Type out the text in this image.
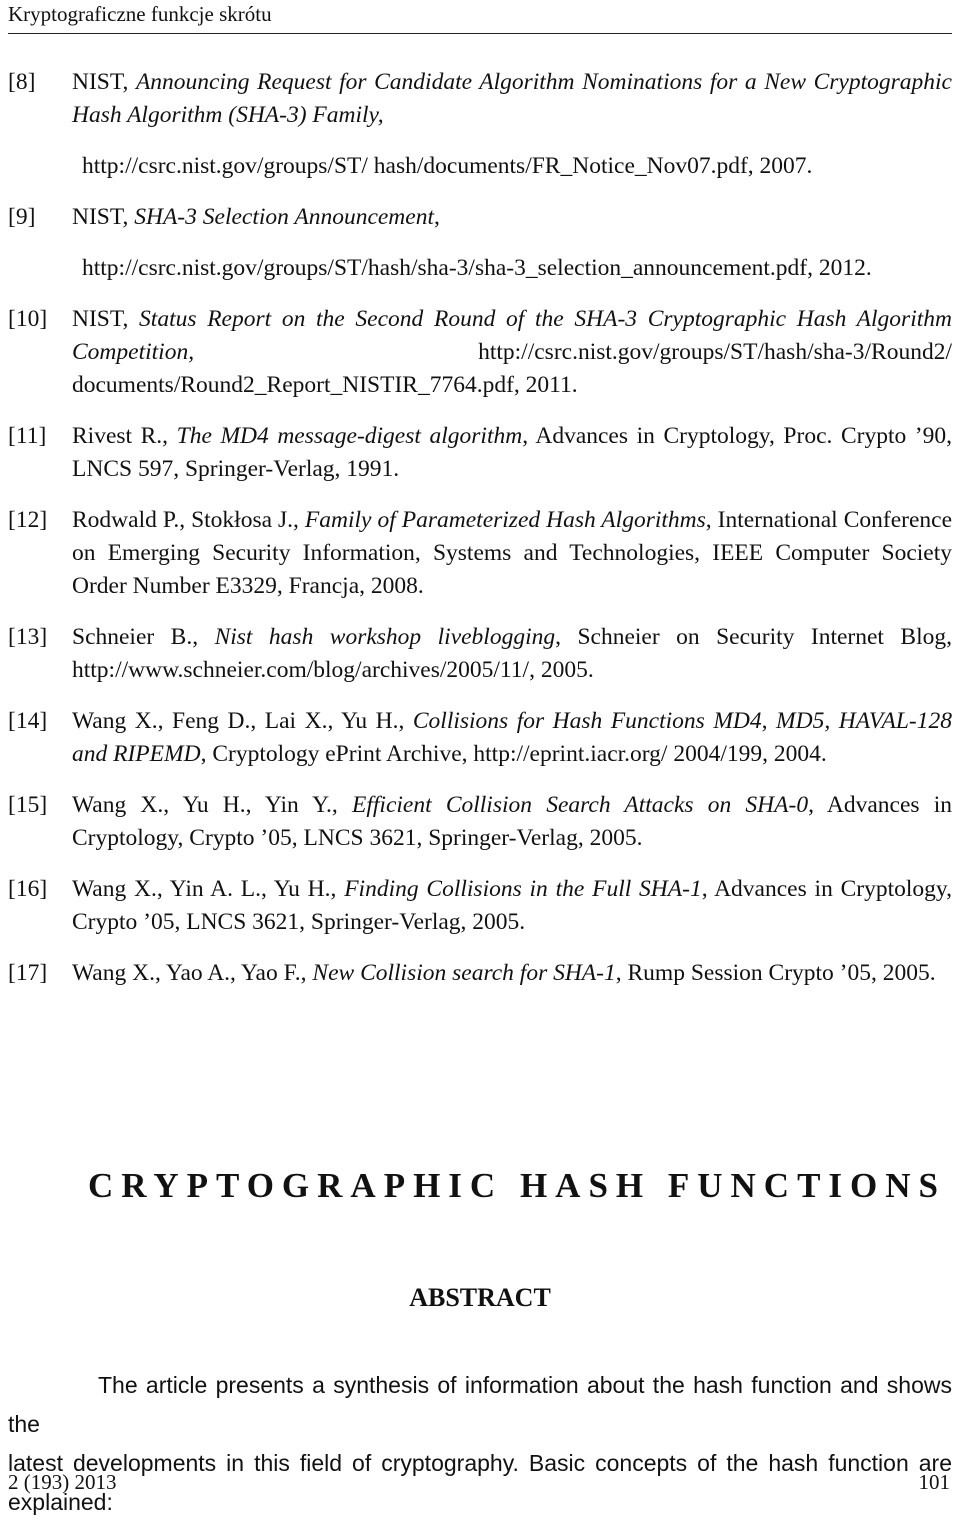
Kryptograficzne funkcje skrótu
[8]	NIST, Announcing Request for Candidate Algorithm Nominations for a New Cryptographic Hash Algorithm (SHA-3) Family,
http://csrc.nist.gov/groups/ST/ hash/documents/FR_Notice_Nov07.pdf, 2007.
[9]	NIST, SHA-3 Selection Announcement,
http://csrc.nist.gov/groups/ST/hash/sha-3/sha-3_selection_announcement.pdf, 2012.
[10]	NIST, Status Report on the Second Round of the SHA-3 Cryptographic Hash Algorithm Competition, http://csrc.nist.gov/groups/ST/hash/sha-3/Round2/ documents/Round2_Report_NISTIR_7764.pdf, 2011.
[11]	Rivest R., The MD4 message-digest algorithm, Advances in Cryptology, Proc. Crypto ’90, LNCS 597, Springer-Verlag, 1991.
[12]	Rodwald P., Stokłosa J., Family of Parameterized Hash Algorithms, International Conference on Emerging Security Information, Systems and Technologies, IEEE Computer Society Order Number E3329, Francja, 2008.
[13]	Schneier B., Nist hash workshop liveblogging, Schneier on Security Internet Blog, http://www.schneier.com/blog/archives/2005/11/, 2005.
[14]	Wang X., Feng D., Lai X., Yu H., Collisions for Hash Functions MD4, MD5, HAVAL-128 and RIPEMD, Cryptology ePrint Archive, http://eprint.iacr.org/ 2004/199, 2004.
[15]	Wang X., Yu H., Yin Y., Efficient Collision Search Attacks on SHA-0, Advances in Cryptology, Crypto ’05, LNCS 3621, Springer-Verlag, 2005.
[16]	Wang X., Yin A. L., Yu H., Finding Collisions in the Full SHA-1, Advances in Cryptology, Crypto ’05, LNCS 3621, Springer-Verlag, 2005.
[17]	Wang X., Yao A., Yao F., New Collision search for SHA-1, Rump Session Crypto ’05, 2005.
CRYPTOGRAPHIC HASH FUNCTIONS
ABSTRACT
The article presents a synthesis of information about the hash function and shows the
latest developments in this field of cryptography. Basic concepts of the hash function are explained:
2 (193) 2013	101
